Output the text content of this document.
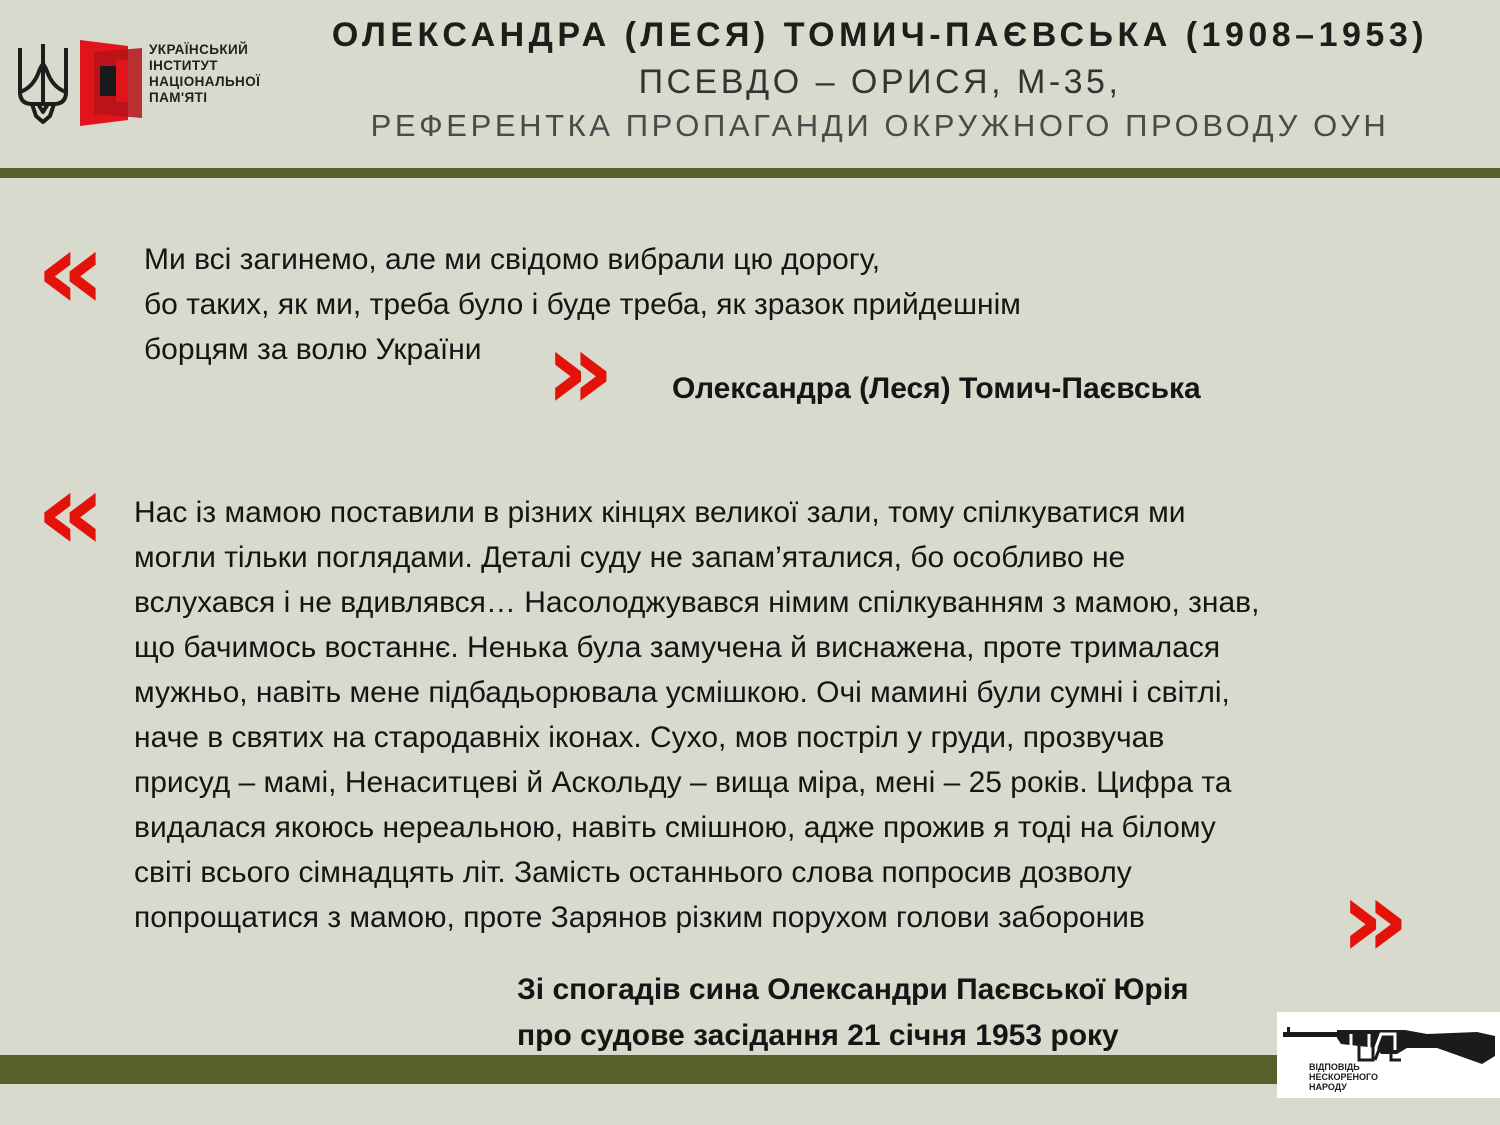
УКРАЇНСЬКИЙ
ІНСТИТУТ
НАЦІОНАЛЬНОЇ
ПАМ'ЯТІ
ОЛЕКСАНДРА (ЛЕСЯ) ТОМИЧ-ПАЄВСЬКА (1908–1953)
ПСЕВДО – ОРИСЯ, М-35,
РЕФЕРЕНТКА ПРОПАГАНДИ ОКРУЖНОГО ПРОВОДУ ОУН
« Ми всі загинемо, але ми свідомо вибрали цю дорогу,
бо таких, як ми, треба було і буде треба, як зразок прийдешнім
борцям за волю України » Олександра (Леся) Томич-Паєвська
« Нас із мамою поставили в різних кінцях великої зали, тому спілкуватися ми
могли тільки поглядами. Деталі суду не запам’яталися, бо особливо не
вслухався і не вдивлявся… Насолоджувався німим спілкуванням з мамою, знав,
що бачимось востаннє. Ненька була замучена й виснажена, проте трималася
мужньо, навіть мене підбадьорювала усмішкою. Очі мамині були сумні і світлі,
наче в святих на стародавніх іконах. Сухо, мов постріл у груди, прозвучав
присуд – мамі, Ненаситцеві й Аскольду – вища міра, мені – 25 років. Цифра та
видалася якоюсь нереальною, навіть смішною, адже прожив я тоді на білому
світі всього сімнадцять літ. Замість останнього слова попросив дозволу
попрощатися з мамою, проте Зарянов різким порухом голови заборонив	»
Зі спогадів сина Олександри Паєвської Юрія
про судове засідання 21 січня 1953 року
ВІДПОВІДЬ
НЕСКОРЕНОГО
НАРОДУ
